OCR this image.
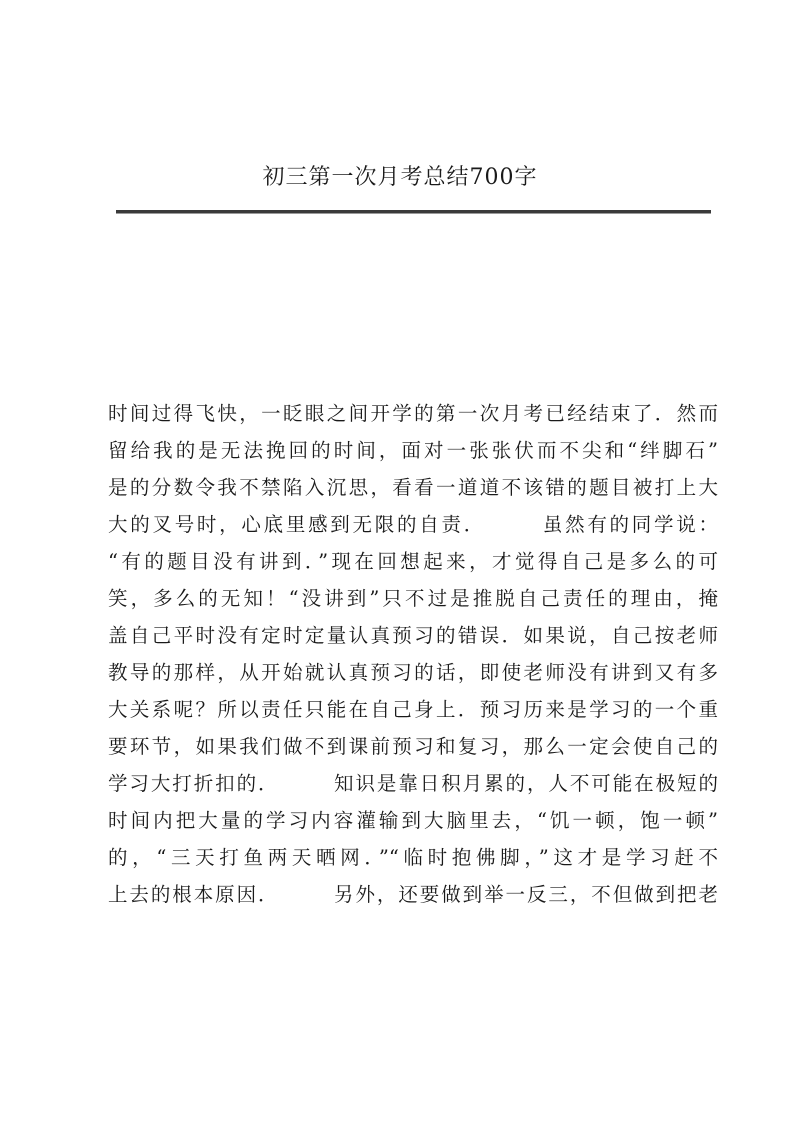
初三第一次月考总结700字
时间过得飞快，一眨眼之间开学的第一次月考已经结束了．然而
留给我的是无法挽回的时间，面对一张张伏而不尖和“绊脚石”
是的分数令我不禁陷入沉思，看看一道道不该错的题目被打上大
大的叉号时，心底里感到无限的自责．　　　虽然有的同学说：
“有的题目没有讲到．”现在回想起来，才觉得自己是多么的可
笑，多么的无知！“没讲到”只不过是推脱自己责任的理由，掩
盖自己平时没有定时定量认真预习的错误．如果说，自己按老师
教导的那样，从开始就认真预习的话，即使老师没有讲到又有多
大关系呢？所以责任只能在自己身上．预习历来是学习的一个重
要环节，如果我们做不到课前预习和复习，那么一定会使自己的
学习大打折扣的．　　　知识是靠日积月累的，人不可能在极短的
时间内把大量的学习内容灌输到大脑里去，“饥一顿，饱一顿”
的，“三天打鱼两天晒网．”“临时抱佛脚，”这才是学习赶不
上去的根本原因．　　　另外，还要做到举一反三，不但做到把老
